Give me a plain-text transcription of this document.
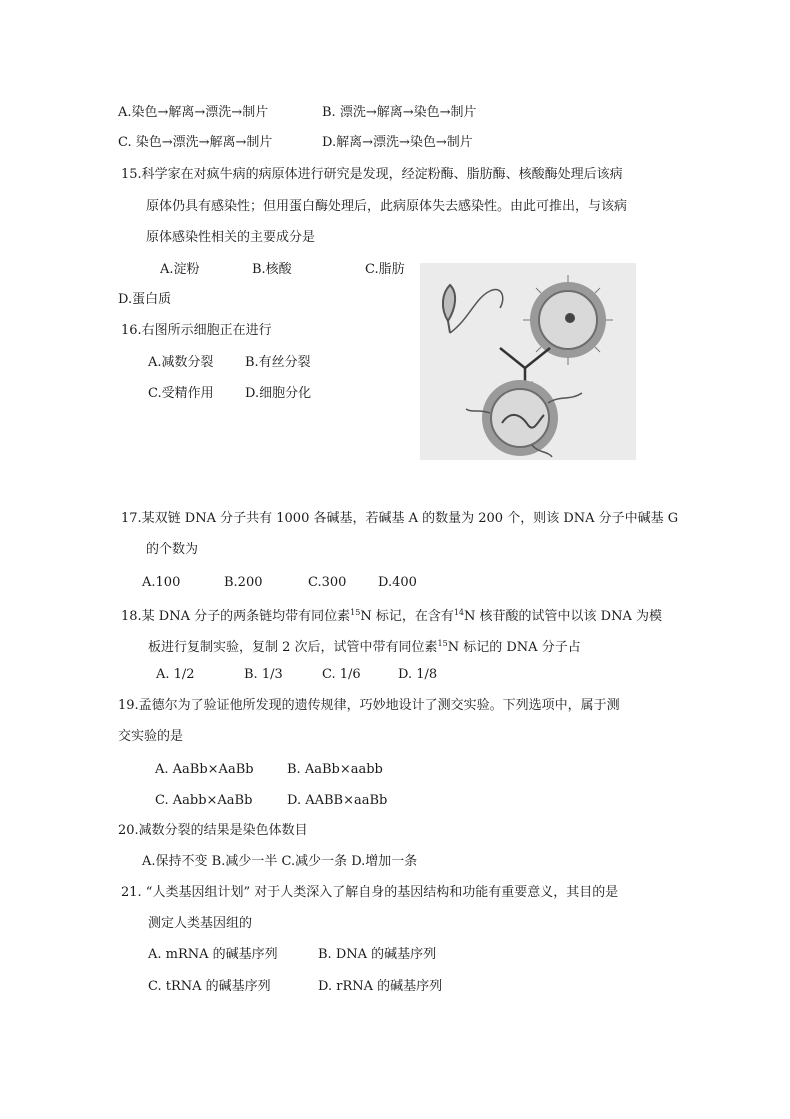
A.染色→解离→漂洗→制片	B. 漂洗→解离→染色→制片
C. 染色→漂洗→解离→制片	D.解离→漂洗→染色→制片
15.科学家在对疯牛病的病原体进行研究是发现，经淀粉酶、脂肪酶、核酸酶处理后该病
原体仍具有感染性；但用蛋白酶处理后，此病原体失去感染性。由此可推出，与该病
原体感染性相关的主要成分是
A.淀粉	B.核酸	C.脂肪
D.蛋白质
16.右图所示细胞正在进行
A.减数分裂 B.有丝分裂
C.受精作用 D.细胞分化
17.某双链 DNA 分子共有 1000 各碱基，若碱基 A 的数量为 200 个，则该 DNA 分子中碱基 G
的个数为
A.100	B.200	C.300 D.400
18.某 DNA 分子的两条链均带有同位素$^{15}$N 标记，在含有$^{14}$N 核苷酸的试管中以该 DNA 为模
板进行复制实验，复制 2 次后，试管中带有同位素$^{15}$N 标记的 DNA 分子占
A. 1/2	B. 1/3	C. 1/6	D. 1/8
19.孟德尔为了验证他所发现的遗传规律，巧妙地设计了测交实验。下列选项中，属于测
交实验的是
A. AaBb×AaBb	B. AaBb×aabb
C. Aabb×AaBb	D. AABB×aaBb
20.减数分裂的结果是染色体数目
A.保持不变 B.减少一半 C.减少一条 D.增加一条
21. “人类基因组计划” 对于人类深入了解自身的基因结构和功能有重要意义，其目的是
测定人类基因组的
A. mRNA 的碱基序列	B. DNA 的碱基序列
C. tRNA 的碱基序列	D. rRNA 的碱基序列
